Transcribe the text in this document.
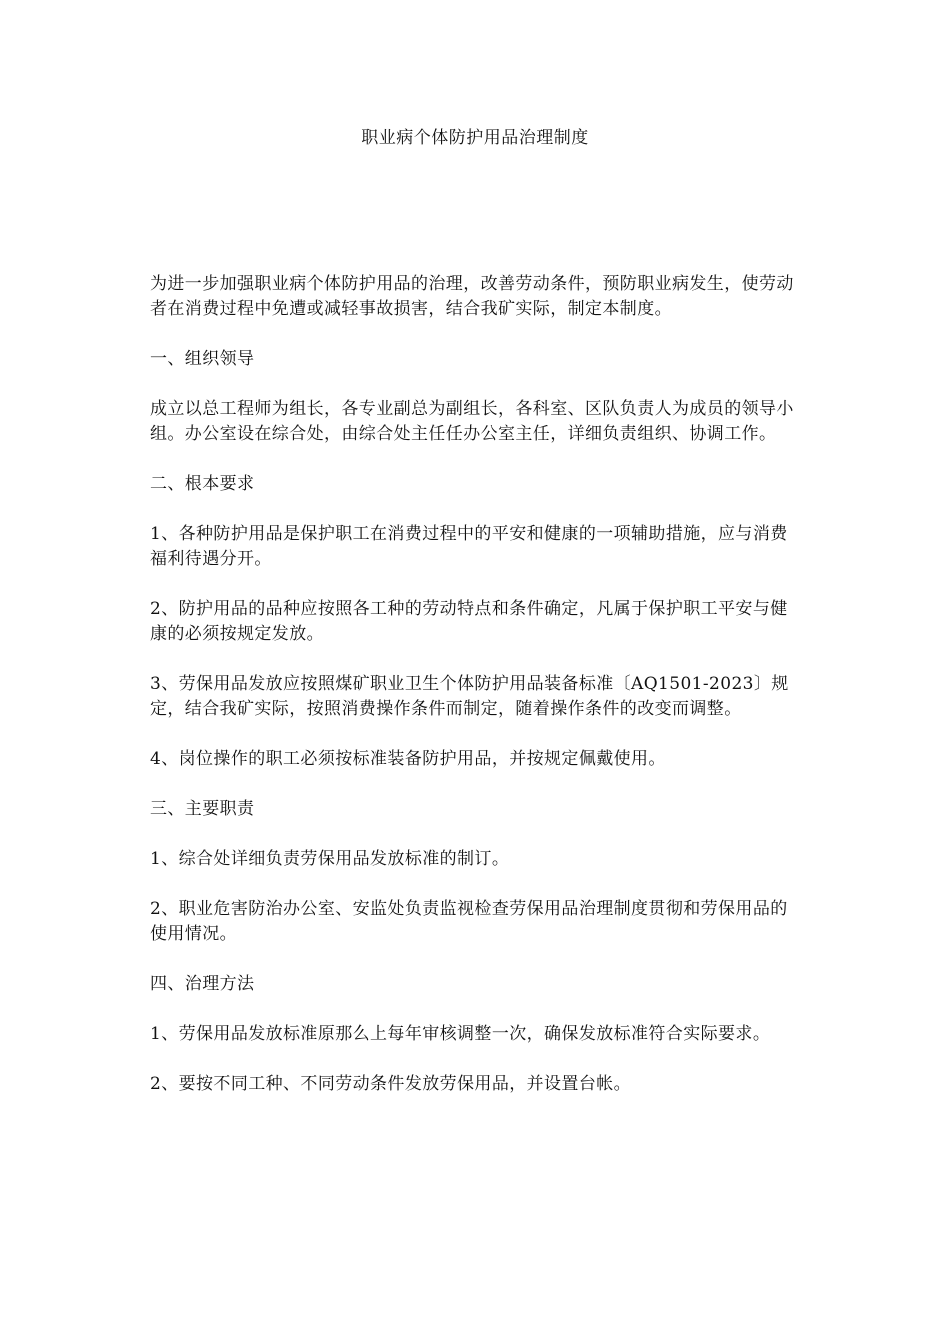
职业病个体防护用品治理制度

为进一步加强职业病个体防护用品的治理，改善劳动条件，预防职业病发生，使劳动者在消费过程中免遭或减轻事故损害，结合我矿实际，制定本制度。

一、组织领导

成立以总工程师为组长，各专业副总为副组长，各科室、区队负责人为成员的领导小组。办公室设在综合处，由综合处主任任办公室主任，详细负责组织、协调工作。

二、根本要求

1、各种防护用品是保护职工在消费过程中的平安和健康的一项辅助措施，应与消费福利待遇分开。

2、防护用品的品种应按照各工种的劳动特点和条件确定，凡属于保护职工平安与健康的必须按规定发放。

3、劳保用品发放应按照煤矿职业卫生个体防护用品装备标准〔AQ1501-2023〕规定，结合我矿实际，按照消费操作条件而制定，随着操作条件的改变而调整。

4、岗位操作的职工必须按标准装备防护用品，并按规定佩戴使用。

三、主要职责

1、综合处详细负责劳保用品发放标准的制订。

2、职业危害防治办公室、安监处负责监视检查劳保用品治理制度贯彻和劳保用品的使用情况。

四、治理方法

1、劳保用品发放标准原那么上每年审核调整一次，确保发放标准符合实际要求。

2、要按不同工种、不同劳动条件发放劳保用品，并设置台帐。
